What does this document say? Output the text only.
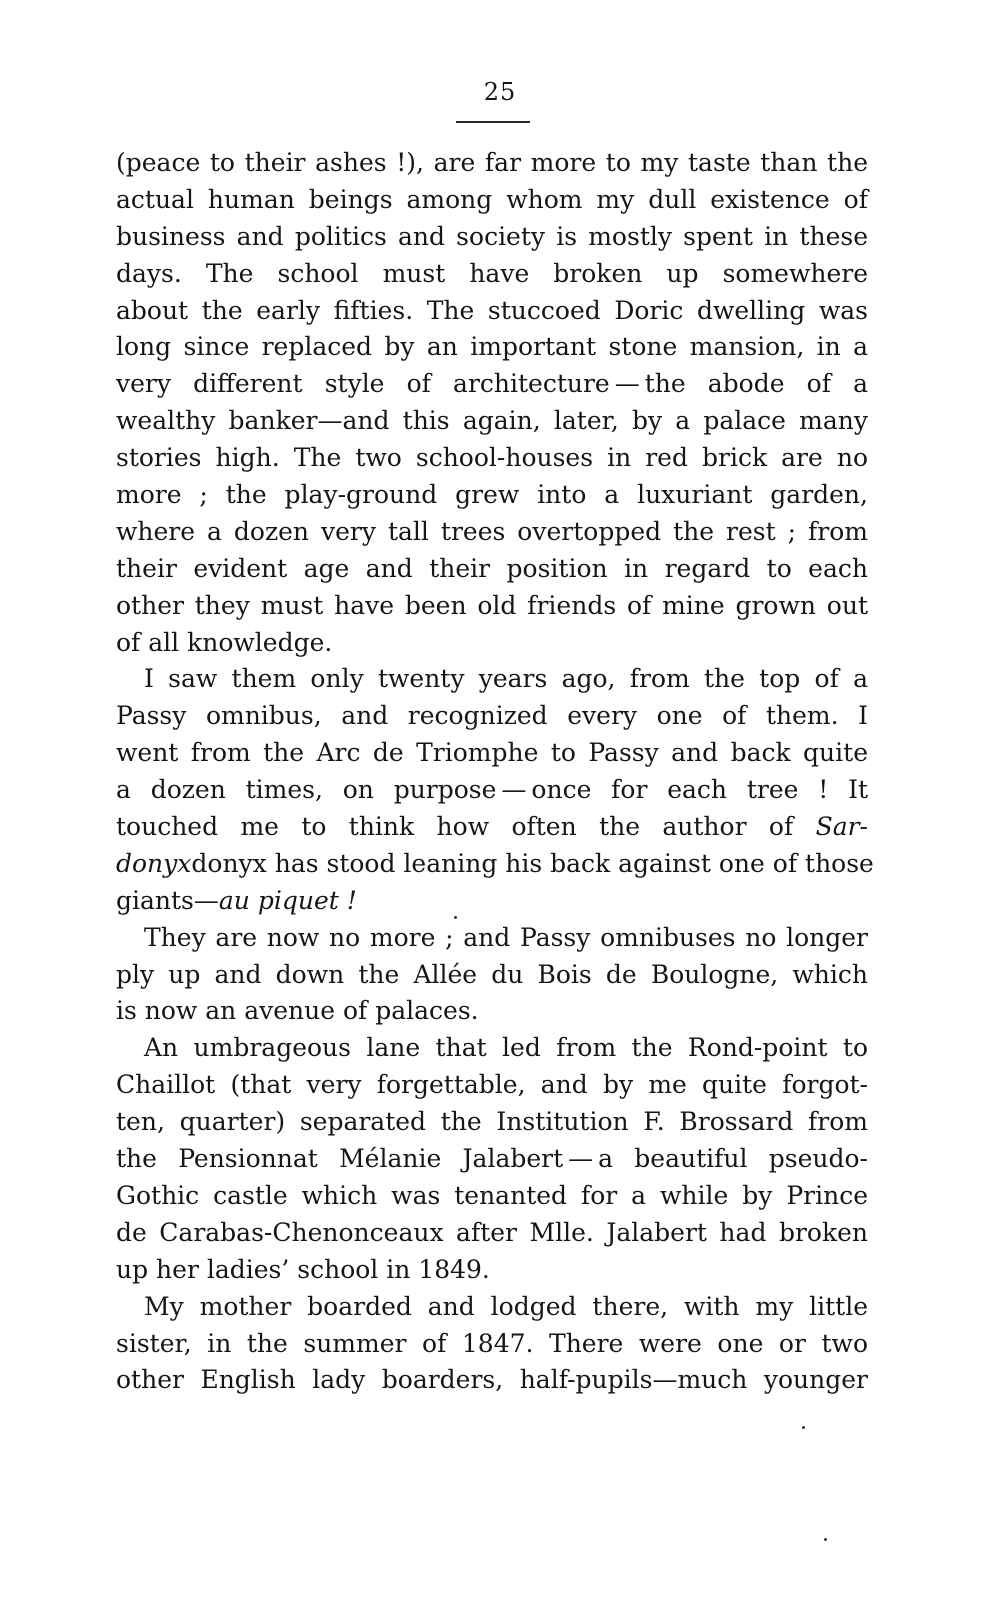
25
(peace to their ashes !), are far more to my taste than the
actual human beings among whom my dull existence of
business and politics and society is mostly spent in these
days. The school must have broken up somewhere
about the early fifties. The stuccoed Doric dwelling was
long since replaced by an important stone mansion, in a
very different style of architecture — the abode of a
wealthy banker—and this again, later, by a palace many
stories high. The two school-houses in red brick are no
more ; the play-ground grew into a luxuriant garden,
where a dozen very tall trees overtopped the rest ; from
their evident age and their position in regard to each
other they must have been old friends of mine grown out
of all knowledge.
I saw them only twenty years ago, from the top of a
Passy omnibus, and recognized every one of them. I
went from the Arc de Triomphe to Passy and back quite
a dozen times, on purpose — once for each tree ! It
touched me to think how often the author of Sar-
donyxdonyx has stood leaning his back against one of those
giants—au piquet !
They are now no more ; and Passy omnibuses no longer
ply up and down the Allée du Bois de Boulogne, which
is now an avenue of palaces.
An umbrageous lane that led from the Rond-point to
Chaillot (that very forgettable, and by me quite forgot-
ten, quarter) separated the Institution F. Brossard from
the Pensionnat Mélanie Jalabert — a beautiful pseudo-
Gothic castle which was tenanted for a while by Prince
de Carabas-Chenonceaux after Mlle. Jalabert had broken
up her ladies’ school in 1849.
My mother boarded and lodged there, with my little
sister, in the summer of 1847. There were one or two
other English lady boarders, half-pupils—much younger
